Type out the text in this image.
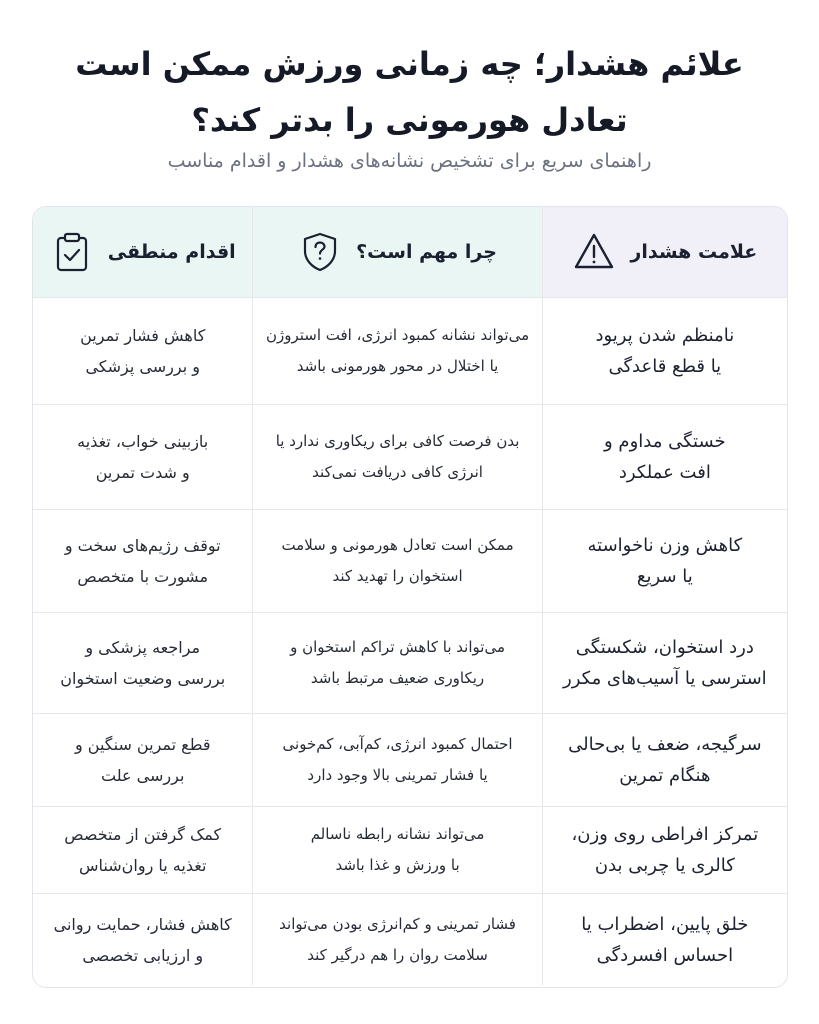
علائم هشدار؛ چه زمانی ورزش ممکن است
تعادل هورمونی را بدتر کند؟
راهنمای سریع برای تشخیص نشانه‌های هشدار و اقدام مناسب
علامت هشدار
چرا مهم است؟
اقدام منطقی
نامنظم شدن پریود
یا قطع قاعدگی
می‌تواند نشانه کمبود انرژی، افت استروژن
یا اختلال در محور هورمونی باشد
کاهش فشار تمرین
و بررسی پزشکی
خستگی مداوم و
افت عملکرد
بدن فرصت کافی برای ریکاوری ندارد یا
انرژی کافی دریافت نمی‌کند
بازبینی خواب، تغذیه
و شدت تمرین
کاهش وزن ناخواسته
یا سریع
ممکن است تعادل هورمونی و سلامت
استخوان را تهدید کند
توقف رژیم‌های سخت و
مشورت با متخصص
درد استخوان، شکستگی
استرسی یا آسیب‌های مکرر
می‌تواند با کاهش تراکم استخوان و
ریکاوری ضعیف مرتبط باشد
مراجعه پزشکی و
بررسی وضعیت استخوان
سرگیجه، ضعف یا بی‌حالی
هنگام تمرین
احتمال کمبود انرژی، کم‌آبی، کم‌خونی
یا فشار تمرینی بالا وجود دارد
قطع تمرین سنگین و
بررسی علت
تمرکز افراطی روی وزن،
کالری یا چربی بدن
می‌تواند نشانه رابطه ناسالم
با ورزش و غذا باشد
کمک گرفتن از متخصص
تغذیه یا روان‌شناس
خلق پایین، اضطراب یا
احساس افسردگی
فشار تمرینی و کم‌انرژی بودن می‌تواند
سلامت روان را هم درگیر کند
کاهش فشار، حمایت روانی
و ارزیابی تخصصی
